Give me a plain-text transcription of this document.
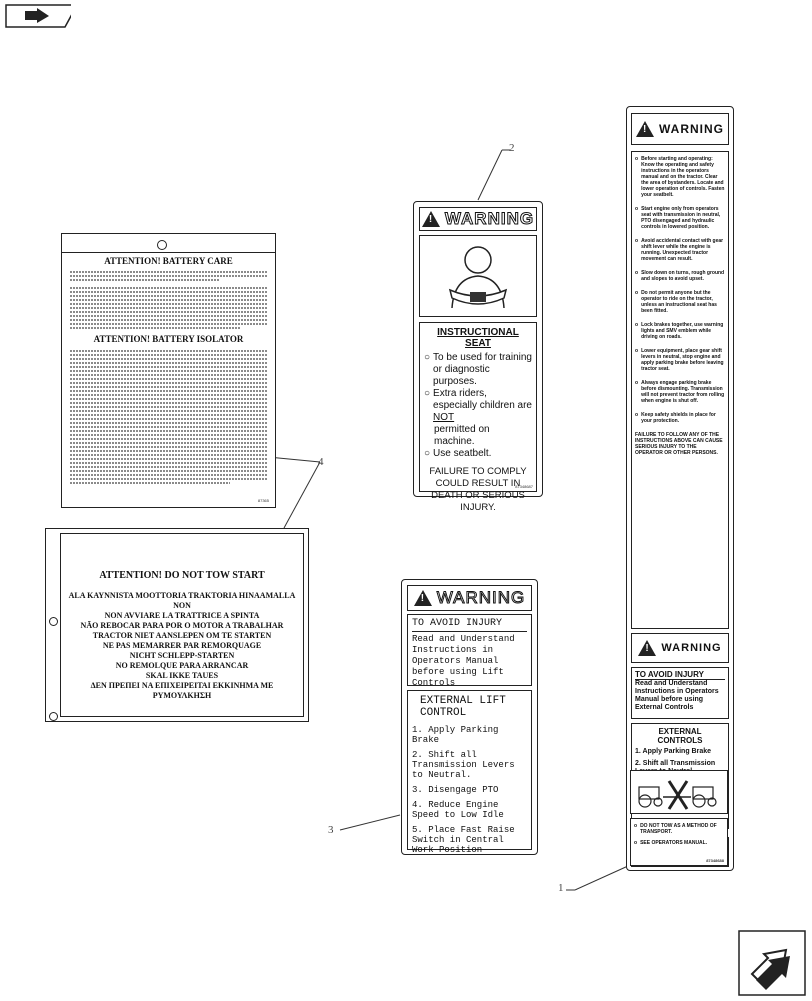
2
4
3
1
!
WARNING
o Before starting and operating: Know the operating and safety instructions in the operators manual and on the tractor. Clear the area of bystanders. Locate and lower operation of controls. Fasten your seatbelt.
o Start engine only from operators seat with transmission in neutral, PTO disengaged and hydraulic controls in lowered position.
o Avoid accidental contact with gear shift lever while the engine is running. Unexpected tractor movement can result.
o Slow down on turns, rough ground and slopes to avoid upset.
o Do not permit anyone but the operator to ride on the tractor, unless an instructional seat has been fitted.
o Lock brakes together, use warning lights and SMV emblem while driving on roads.
o Lower equipment, place gear shift levers in neutral, stop engine and apply parking brake before leaving tractor seat.
o Always engage parking brake before dismounting. Transmission will not prevent tractor from rolling when engine is shut off.
o Keep safety shields in place for your protection.
FAILURE TO FOLLOW ANY OF THE INSTRUCTIONS ABOVE CAN CAUSE SERIOUS INJURY TO THE OPERATOR OR OTHER PERSONS.
!
WARNING
TO AVOID INJURY
Read and Understand Instructions in Operators Manual before using External Controls
EXTERNAL
CONTROLS
1. Apply Parking Brake
2. Shift all Transmission
!
o DO NOT TOW AS A METHOD OF TRANSPORT.
o SEE OPERATORS MANUAL.
87348688
!
WARNING
INSTRUCTIONAL SEAT
○ To be used for training or diagnostic purposes.
○ Extra riders, especially children are NOT
permitted on machine.
○ Use seatbelt.
FAILURE TO COMPLY COULD RESULT IN DEATH OR SERIOUS INJURY.
87348687
!
WARNING
TO AVOID INJURY
Read and Understand Instructions in Operators Manual before using Lift Controls
EXTERNAL LIFT CONTROL
1. Apply Parking Brake
2. Shift all Transmission Levers to Neutral.
3. Disengage PTO
4. Reduce Engine Speed to Low Idle
5. Place Fast Raise Switch in Central Work Position
ATTENTION! BATTERY CARE
ATTENTION! BATTERY ISOLATOR
87365
ATTENTION! DO NOT TOW START
ALA KAYNNISTA MOOTTORIA TRAKTORIA HINAAMALLA NON
NON AVVIARE LA TRATTRICE A SPINTA
NÃO REBOCAR PARA POR O MOTOR A TRABALHAR
TRACTOR NIET AANSLEPEN OM TE STARTEN
NE PAS MEMARRER PAR REMORQUAGE
NICHT SCHLEPP-STARTEN
NO REMOLQUE PARA ARRANCAR
SKAL IKKE TAUES
ΔΕΝ ΠΡΕΠΕΙ ΝΑ ΕΠΙΧΕΙΡΕΙΤΑΙ ΕΚΚΙΝΗΜΑ ΜΕ ΡΥΜΟΥΛΚΗΣΗ
